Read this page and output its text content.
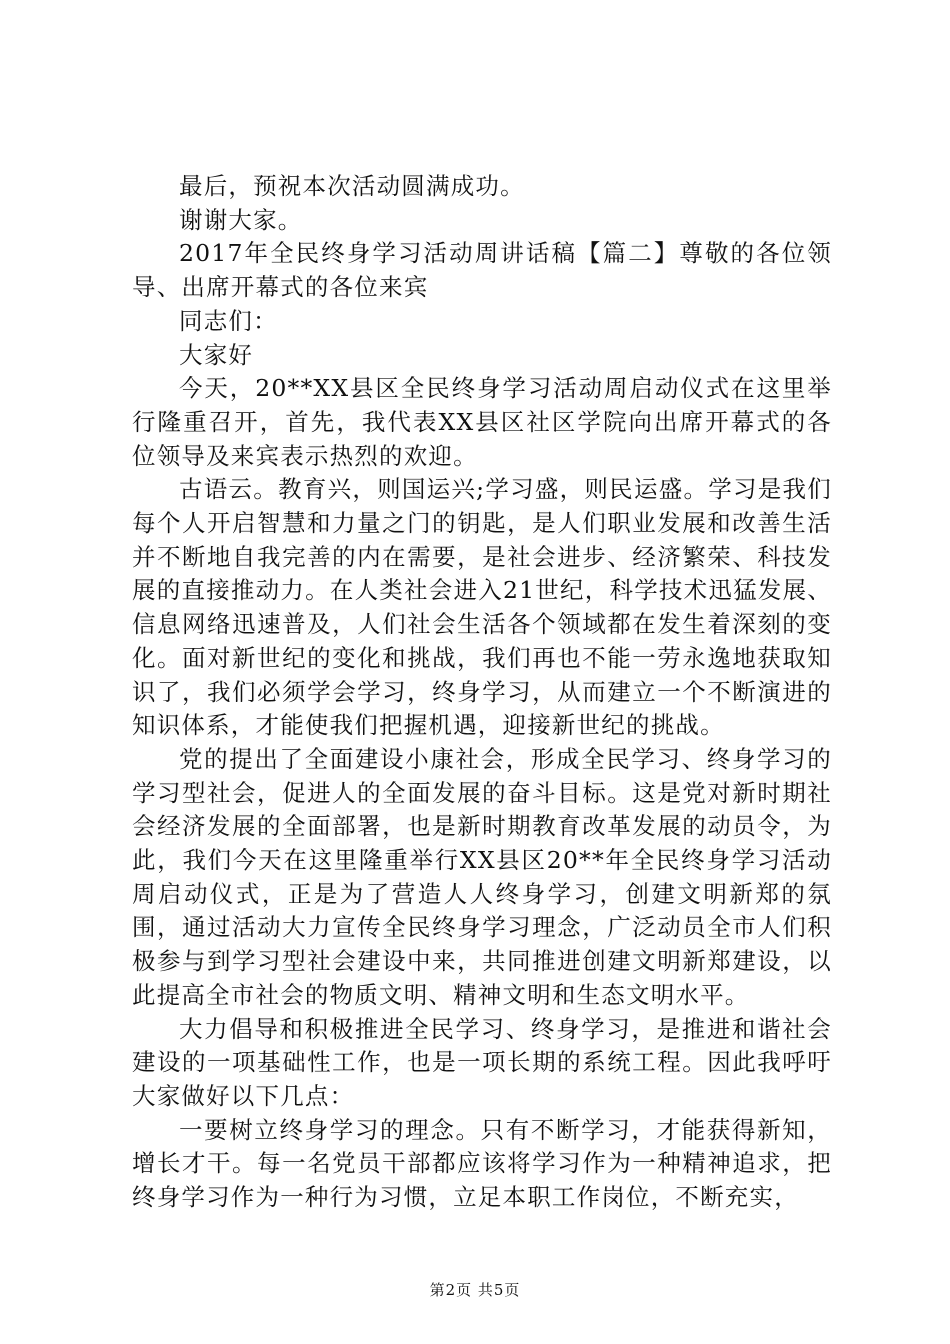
最后，预祝本次活动圆满成功。

谢谢大家。

2017年全民终身学习活动周讲话稿【篇二】尊敬的各位领导、出席开幕式的各位来宾

同志们：

大家好

今天，20**XX县区全民终身学习活动周启动仪式在这里举行隆重召开，首先，我代表XX县区社区学院向出席开幕式的各位领导及来宾表示热烈的欢迎。

古语云。教育兴，则国运兴;学习盛，则民运盛。学习是我们每个人开启智慧和力量之门的钥匙，是人们职业发展和改善生活并不断地自我完善的内在需要，是社会进步、经济繁荣、科技发展的直接推动力。在人类社会进入21世纪，科学技术迅猛发展、信息网络迅速普及，人们社会生活各个领域都在发生着深刻的变化。面对新世纪的变化和挑战，我们再也不能一劳永逸地获取知识了，我们必须学会学习，终身学习，从而建立一个不断演进的知识体系，才能使我们把握机遇，迎接新世纪的挑战。

党的提出了全面建设小康社会，形成全民学习、终身学习的学习型社会，促进人的全面发展的奋斗目标。这是党对新时期社会经济发展的全面部署，也是新时期教育改革发展的动员令，为此，我们今天在这里隆重举行XX县区20**年全民终身学习活动周启动仪式，正是为了营造人人终身学习，创建文明新郑的氛围，通过活动大力宣传全民终身学习理念，广泛动员全市人们积极参与到学习型社会建设中来，共同推进创建文明新郑建设，以此提高全市社会的物质文明、精神文明和生态文明水平。

大力倡导和积极推进全民学习、终身学习，是推进和谐社会建设的一项基础性工作，也是一项长期的系统工程。因此我呼吁大家做好以下几点：

一要树立终身学习的理念。只有不断学习，才能获得新知，增长才干。每一名党员干部都应该将学习作为一种精神追求，把终身学习作为一种行为习惯，立足本职工作岗位，不断充实，

第2页 共5页
